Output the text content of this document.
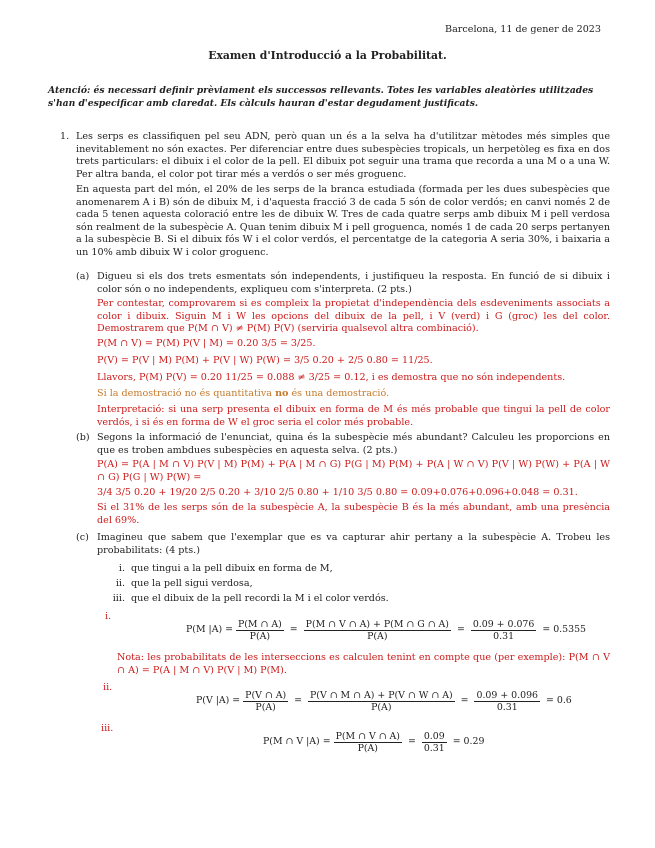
Barcelona, 11 de gener de 2023
Examen d'Introducció a la Probabilitat.
Atenció: és necessari definir prèviament els successos rellevants. Totes les variables aleatòries utilitzades s'han d'especificar amb claredat. Els càlculs hauran d'estar degudament justificats.
1. Les serps es classifiquen pel seu ADN, però quan un és a la selva ha d'utilitzar mètodes més simples que inevitablement no són exactes. Per diferenciar entre dues subespècies tropicals, un herpetòleg es fixa en dos trets particulars: el dibuix i el color de la pell. El dibuix pot seguir una trama que recorda a una M o a una W. Per altra banda, el color pot tirar més a verdós o ser més groguenc.
En aquesta part del món, el 20% de les serps de la branca estudiada (formada per les dues subespècies que anomenarem A i B) són de dibuix M, i d'aquesta fracció 3 de cada 5 són de color verdós; en canvi només 2 de cada 5 tenen aquesta coloració entre les de dibuix W. Tres de cada quatre serps amb dibuix M i pell verdosa són realment de la subespècie A. Quan tenim dibuix M i pell groguenca, només 1 de cada 20 serps pertanyen a la subespècie B. Si el dibuix fós W i el color verdós, el percentatge de la categoria A seria 30%, i baixaria a un 10% amb dibuix W i color groguenc.
(a) Digueu si els dos trets esmentats són independents, i justifiqueu la resposta. En funció de si dibuix i color són o no independents, expliqueu com s'interpreta. (2 pts.)
Per contestar, comprovarem si es compleix la propietat d'independència dels esdeveniments associats a color i dibuix. Siguin M i W les opcions del dibuix de la pell, i V (verd) i G (groc) les del color. Demostrarem que P(M ∩ V) ≠ P(M) P(V) (serviria qualsevol altra combinació).
P(M ∩ V) = P(M) P(V | M) = 0.20 3/5 = 3/25.
P(V) = P(V | M) P(M) + P(V | W) P(W) = 3/5 0.20 + 2/5 0.80 = 11/25.
Llavors, P(M) P(V) = 0.20 11/25 = 0.088 ≠ 3/25 = 0.12, i es demostra que no són independents.
Si la demostració no és quantitativa no és una demostració.
Interpretació: si una serp presenta el dibuix en forma de M és més probable que tingui la pell de color verdós, i si és en forma de W el groc seria el color més probable.
(b) Segons la informació de l'enunciat, quina és la subespècie més abundant? Calculeu les proporcions en que es troben ambdues subespècies en aquesta selva. (2 pts.)
P(A) = P(A | M ∩ V) P(V | M) P(M) + P(A | M ∩ G) P(G | M) P(M) + P(A | W ∩ V) P(V | W) P(W) + P(A | W ∩ G) P(G | W) P(W) =
3/4 3/5 0.20 + 19/20 2/5 0.20 + 3/10 2/5 0.80 + 1/10 3/5 0.80 = 0.09+0.076+0.096+0.048 = 0.31.
Si el 31% de les serps són de la subespècie A, la subespècie B és la més abundant, amb una presència del 69%.
(c) Imagineu que sabem que l'exemplar que es va capturar ahir pertany a la subespècie A. Trobeu les probabilitats: (4 pts.)
i. que tingui a la pell dibuix en forma de M,
ii. que la pell sigui verdosa,
iii. que el dibuix de la pell recordi la M i el color verdós.
i.
P(M $|A) = \frac{P(M \cap A)}{P(A)} = \frac{P(M \cap V \cap A) + P(M \cap G \cap A)}{P(A)} = \frac{0.09 + 0.076}{0.31} = 0.5355$
Nota: les probabilitats de les interseccions es calculen tenint en compte que (per exemple): P(M ∩ V ∩ A) = P(A | M ∩ V) P(V | M) P(M).
ii.
P(V $|A) = \frac{P(V \cap A)}{P(A)} = \frac{P(V \cap M \cap A) + P(V \cap W \cap A)}{P(A)} = \frac{0.09 + 0.096}{0.31} = 0.6$
iii.
P(M ∩ V $|A) = \frac{P(M \cap V \cap A)}{P(A)} = \frac{0.09}{0.31} = 0.29$
